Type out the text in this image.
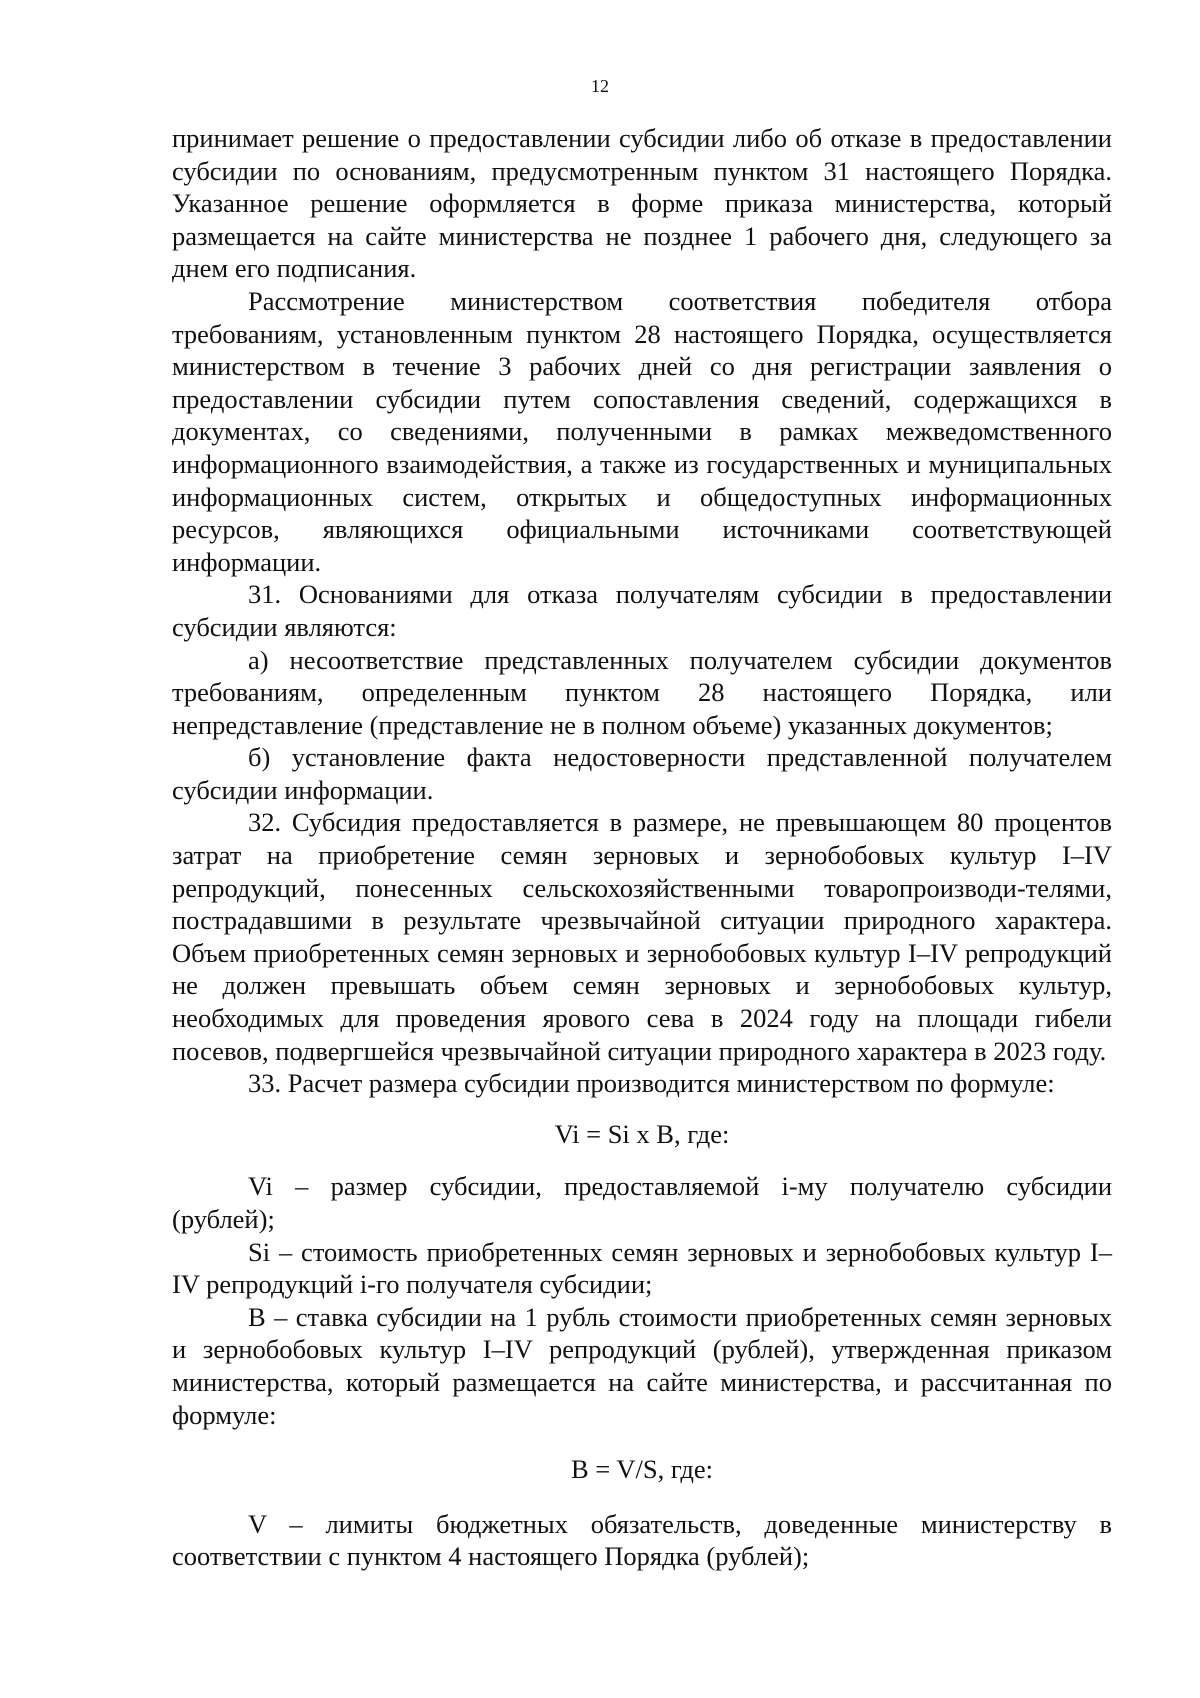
12

принимает решение о предоставлении субсидии либо об отказе в предоставлении субсидии по основаниям, предусмотренным пунктом 31 настоящего Порядка. Указанное решение оформляется в форме приказа министерства, который размещается на сайте министерства не позднее 1 рабочего дня, следующего за днем его подписания.

Рассмотрение министерством соответствия победителя отбора требованиям, установленным пунктом 28 настоящего Порядка, осуществляется министерством в течение 3 рабочих дней со дня регистрации заявления о предоставлении субсидии путем сопоставления сведений, содержащихся в документах, со сведениями, полученными в рамках межведомственного информационного взаимодействия, а также из государственных и муниципальных информационных систем, открытых и общедоступных информационных ресурсов, являющихся официальными источниками соответствующей информации.

31. Основаниями для отказа получателям субсидии в предоставлении субсидии являются:

а) несоответствие представленных получателем субсидии документов требованиям, определенным пунктом 28 настоящего Порядка, или непредставление (представление не в полном объеме) указанных документов;

б) установление факта недостоверности представленной получателем субсидии информации.

32. Субсидия предоставляется в размере, не превышающем 80 процентов затрат на приобретение семян зерновых и зернобобовых культур I–IV репродукций, понесенных сельскохозяйственными товаропроизводи-телями, пострадавшими в результате чрезвычайной ситуации природного характера. Объем приобретенных семян зерновых и зернобобовых культур I–IV репродукций не должен превышать объем семян зерновых и зернобобовых культур, необходимых для проведения ярового сева в 2024 году на площади гибели посевов, подвергшейся чрезвычайной ситуации природного характера в 2023 году.

33. Расчет размера субсидии производится министерством по формуле:

Vi = Si x B, где:

Vi – размер субсидии, предоставляемой i-му получателю субсидии (рублей);

Si – стоимость приобретенных семян зерновых и зернобобовых культур I–IV репродукций i-го получателя субсидии;

B – ставка субсидии на 1 рубль стоимости приобретенных семян зерновых и зернобобовых культур I–IV репродукций (рублей), утвержденная приказом министерства, который размещается на сайте министерства, и рассчитанная по формуле:

B = V/S, где:

V – лимиты бюджетных обязательств, доведенные министерству в соответствии с пунктом 4 настоящего Порядка (рублей);
